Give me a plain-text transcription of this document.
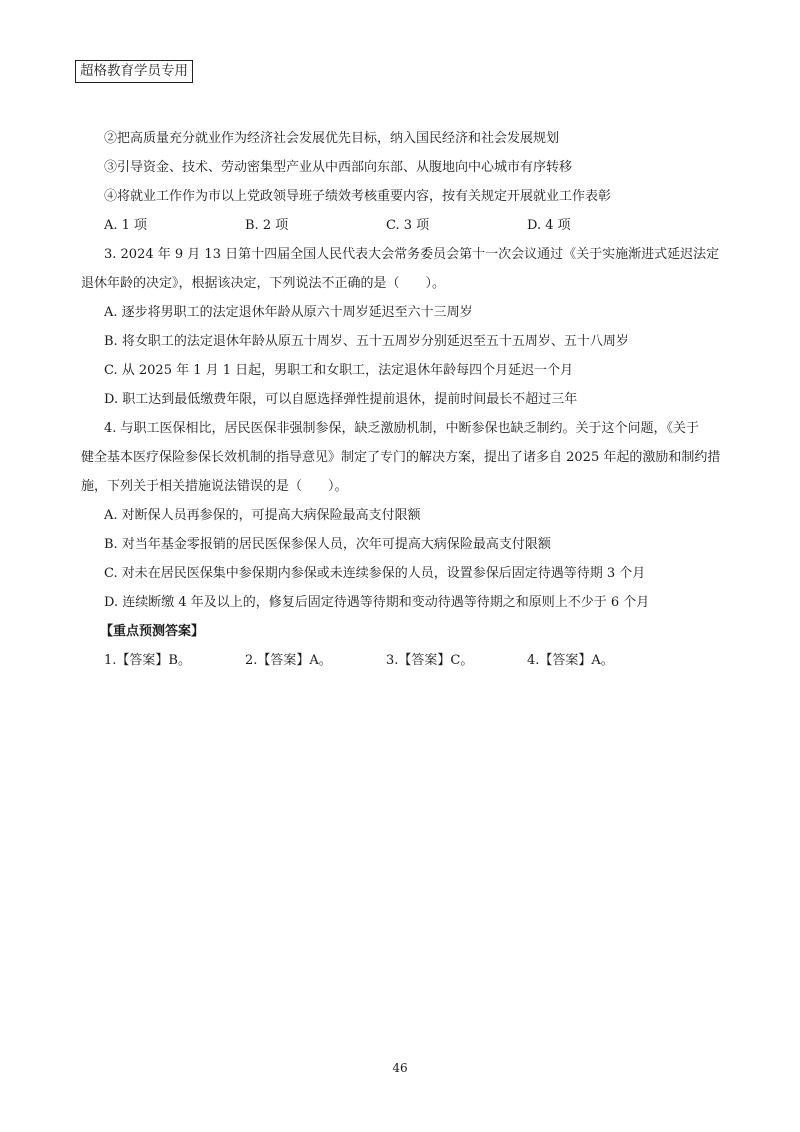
超格教育学员专用
②把高质量充分就业作为经济社会发展优先目标，纳入国民经济和社会发展规划
③引导资金、技术、劳动密集型产业从中西部向东部、从腹地向中心城市有序转移
④将就业工作作为市以上党政领导班子绩效考核重要内容，按有关规定开展就业工作表彰
A. 1 项	B. 2 项	C. 3 项	D. 4 项
3. 2024 年 9 月 13 日第十四届全国人民代表大会常务委员会第十一次会议通过《关于实施渐进式延迟法定
退休年龄的决定》，根据该决定，下列说法不正确的是（　　）。
A. 逐步将男职工的法定退休年龄从原六十周岁延迟至六十三周岁
B. 将女职工的法定退休年龄从原五十周岁、五十五周岁分别延迟至五十五周岁、五十八周岁
C. 从 2025 年 1 月 1 日起，男职工和女职工，法定退休年龄每四个月延迟一个月
D. 职工达到最低缴费年限，可以自愿选择弹性提前退休，提前时间最长不超过三年
4. 与职工医保相比，居民医保非强制参保，缺乏激励机制，中断参保也缺乏制约。关于这个问题，《关于
健全基本医疗保险参保长效机制的指导意见》制定了专门的解决方案，提出了诸多自 2025 年起的激励和制约措
施，下列关于相关措施说法错误的是（　　）。
A. 对断保人员再参保的，可提高大病保险最高支付限额
B. 对当年基金零报销的居民医保参保人员，次年可提高大病保险最高支付限额
C. 对未在居民医保集中参保期内参保或未连续参保的人员，设置参保后固定待遇等待期 3 个月
D. 连续断缴 4 年及以上的，修复后固定待遇等待期和变动待遇等待期之和原则上不少于 6 个月
【重点预测答案】
1.【答案】B。	2.【答案】A。	3.【答案】C。	4.【答案】A。
46
